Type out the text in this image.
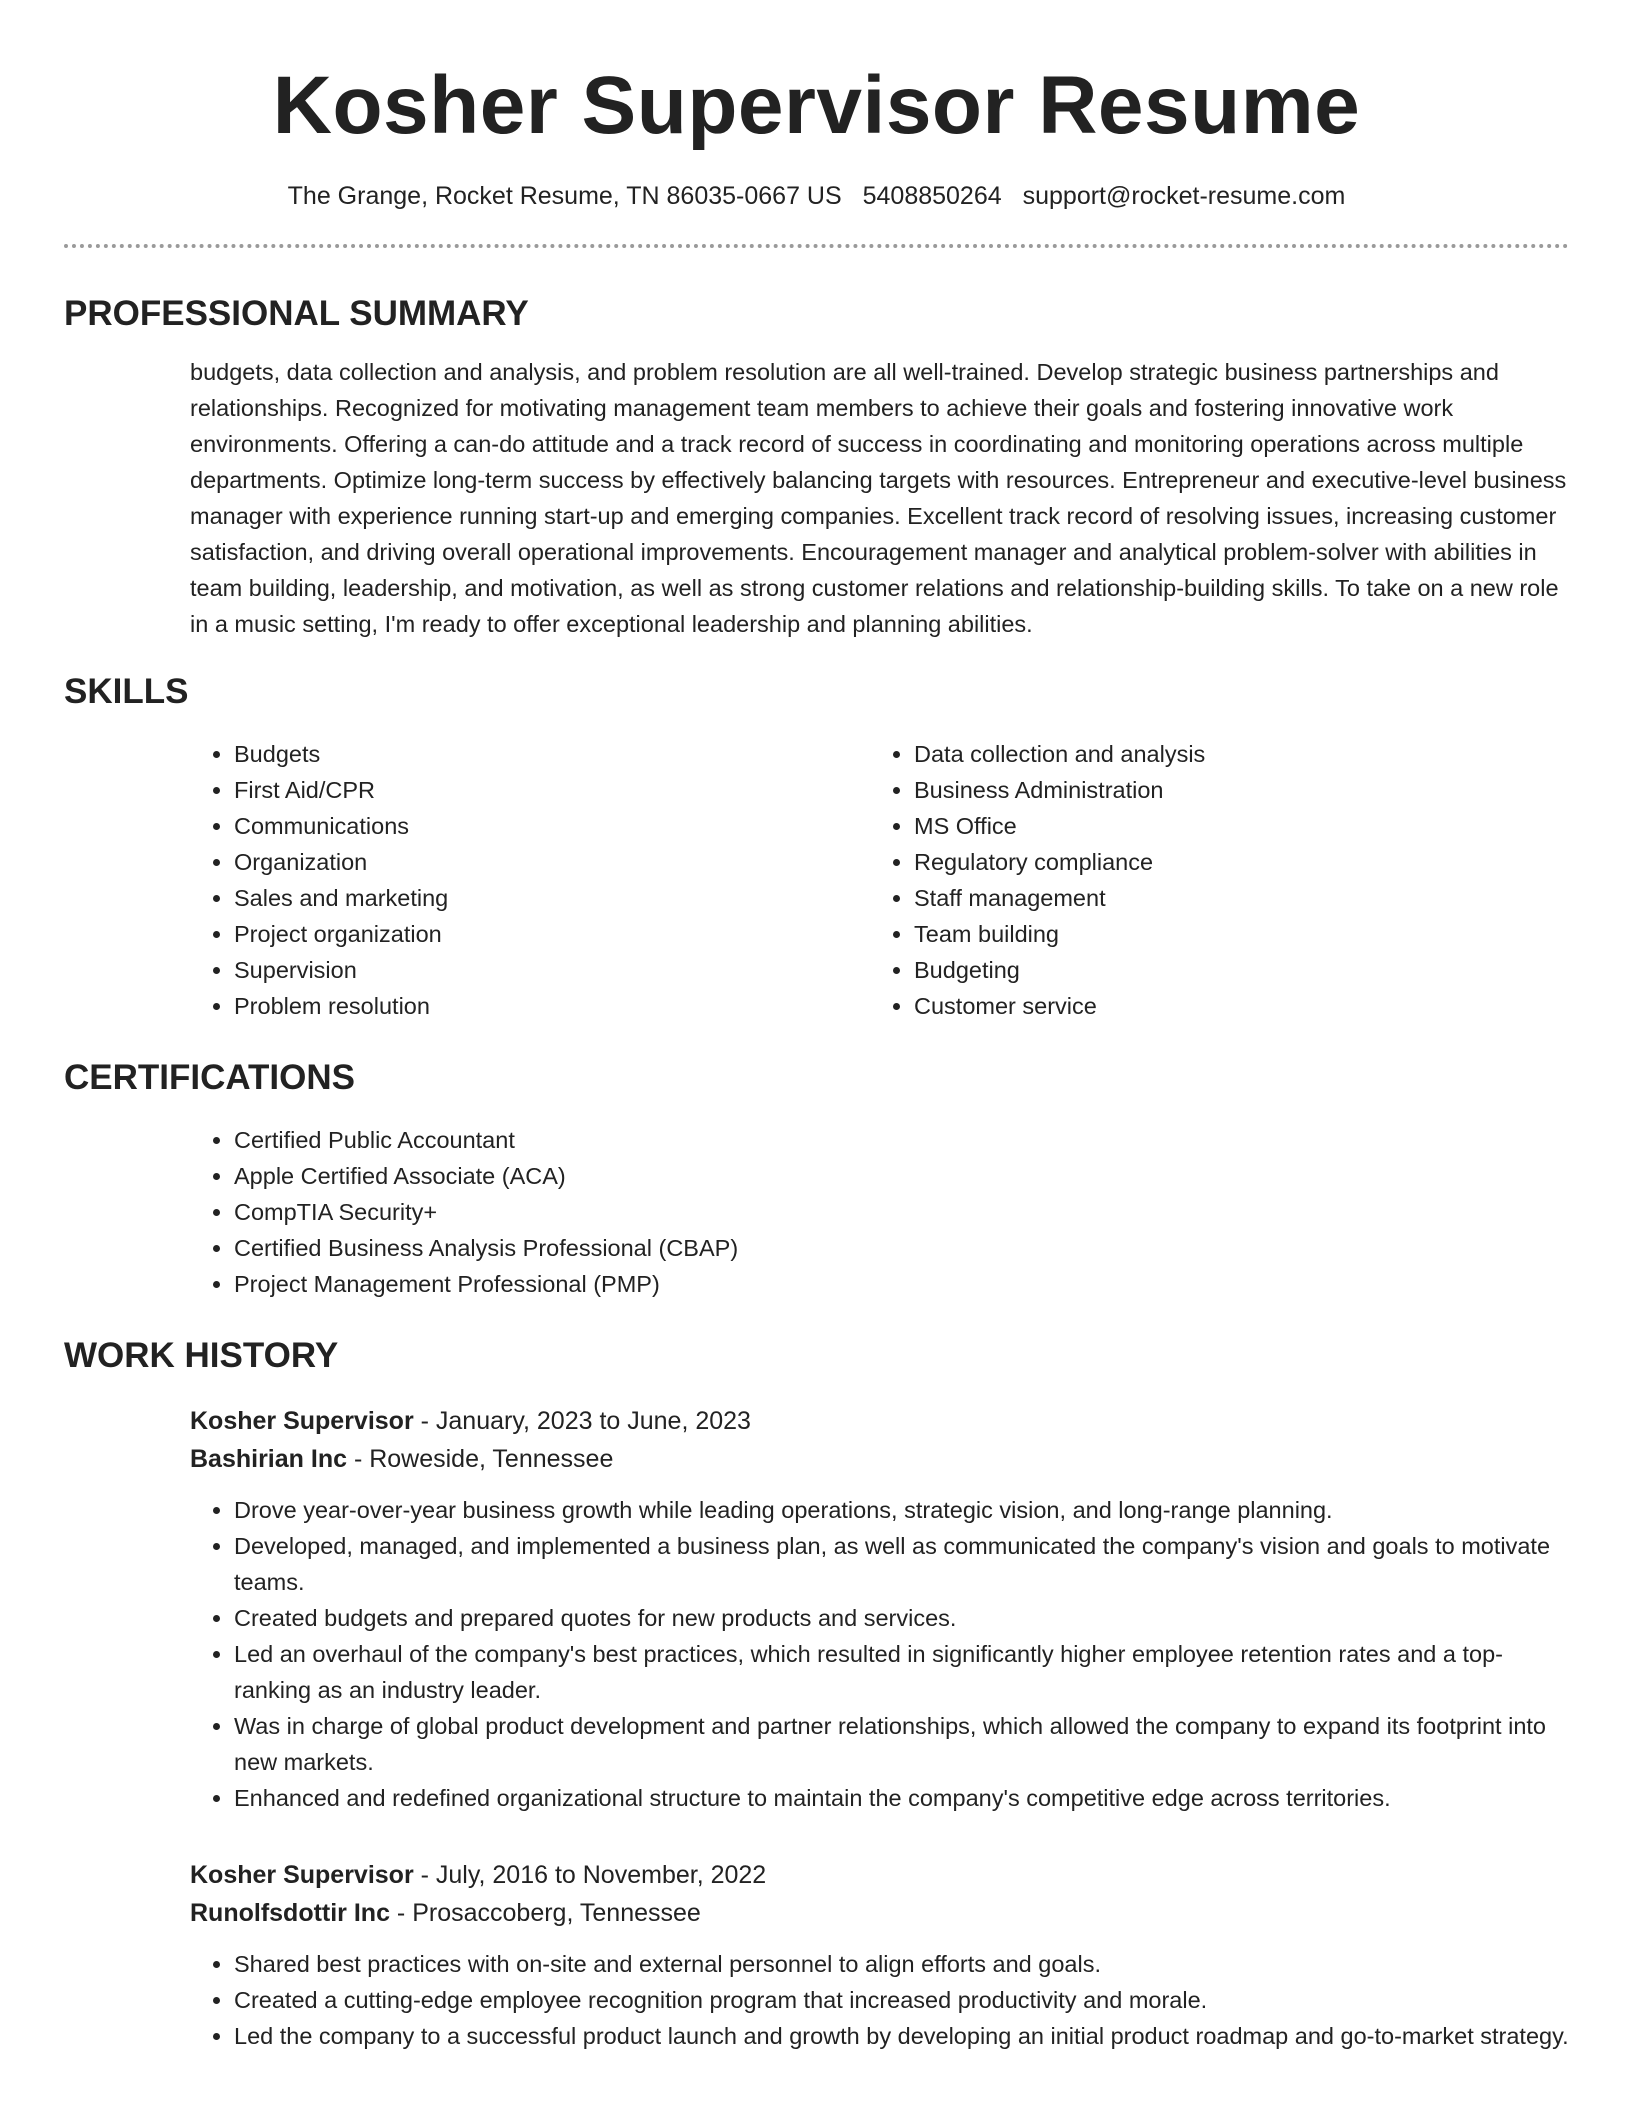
Kosher Supervisor Resume
The Grange, Rocket Resume, TN 86035-0667 US 5408850264 support@rocket-resume.com
PROFESSIONAL SUMMARY
budgets, data collection and analysis, and problem resolution are all well-trained. Develop strategic business partnerships and relationships. Recognized for motivating management team members to achieve their goals and fostering innovative work environments. Offering a can-do attitude and a track record of success in coordinating and monitoring operations across multiple departments. Optimize long-term success by effectively balancing targets with resources. Entrepreneur and executive-level business manager with experience running start-up and emerging companies. Excellent track record of resolving issues, increasing customer satisfaction, and driving overall operational improvements. Encouragement manager and analytical problem-solver with abilities in team building, leadership, and motivation, as well as strong customer relations and relationship-building skills. To take on a new role in a music setting, I'm ready to offer exceptional leadership and planning abilities.
SKILLS
• Budgets
• First Aid/CPR
• Communications
• Organization
• Sales and marketing
• Project organization
• Supervision
• Problem resolution
• Data collection and analysis
• Business Administration
• MS Office
• Regulatory compliance
• Staff management
• Team building
• Budgeting
• Customer service
CERTIFICATIONS
• Certified Public Accountant
• Apple Certified Associate (ACA)
• CompTIA Security+
• Certified Business Analysis Professional (CBAP)
• Project Management Professional (PMP)
WORK HISTORY
Kosher Supervisor - January, 2023 to June, 2023
Bashirian Inc - Roweside, Tennessee
• Drove year-over-year business growth while leading operations, strategic vision, and long-range planning.
• Developed, managed, and implemented a business plan, as well as communicated the company's vision and goals to motivate teams.
• Created budgets and prepared quotes for new products and services.
• Led an overhaul of the company's best practices, which resulted in significantly higher employee retention rates and a top-ranking as an industry leader.
• Was in charge of global product development and partner relationships, which allowed the company to expand its footprint into new markets.
• Enhanced and redefined organizational structure to maintain the company's competitive edge across territories.
Kosher Supervisor - July, 2016 to November, 2022
Runolfsdottir Inc - Prosaccoberg, Tennessee
• Shared best practices with on-site and external personnel to align efforts and goals.
• Created a cutting-edge employee recognition program that increased productivity and morale.
• Led the company to a successful product launch and growth by developing an initial product roadmap and go-to-market strategy.
